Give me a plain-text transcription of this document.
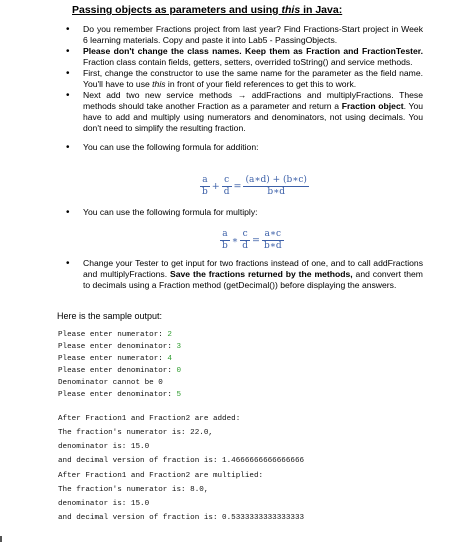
Passing objects as parameters and using this in Java:
• Do you remember Fractions project from last year? Find Fractions-Start project in Week 6 learning materials. Copy and paste it into Lab5 - PassingObjects.
• Please don't change the class names. Keep them as Fraction and FractionTester. Fraction class contain fields, getters, setters, overrided toString() and service methods.
• First, change the constructor to use the same name for the parameter as the field name. You'll have to use this in front of your field references to get this to work.
• Next add two new service methods → addFractions and multiplyFractions. These methods should take another Fraction as a parameter and return a Fraction object. You have to add and multiply using numerators and denominators, not using decimals. You don't need to simplify the resulting fraction.
• You can use the following formula for addition:
• You can use the following formula for multiply:
• Change your Tester to get input for two fractions instead of one, and to call addFractions and multiplyFractions. Save the fractions returned by the methods, and convert them to decimals using a Fraction method (getDecimal()) before displaying the answers.
$\frac{a}{b} + \frac{c}{d} = \frac{(a∗d) + (b∗c)}{b∗d}$
$\frac{a}{b}$ ∗ $\frac{c}{d} = \frac{a∗c}{b∗d}$
Here is the sample output:
Please enter numerator: 2
Please enter denominator: 3
Please enter numerator: 4
Please enter denominator: 0
Denominator cannot be 0
Please enter denominator: 5
After Fraction1 and Fraction2 are added:
The fraction's numerator is: 22.0,
denominator is: 15.0
and decimal version of fraction is: 1.4666666666666666
After Fraction1 and Fraction2 are multiplied:
The fraction's numerator is: 8.0,
denominator is: 15.0
and decimal version of fraction is: 0.5333333333333333
